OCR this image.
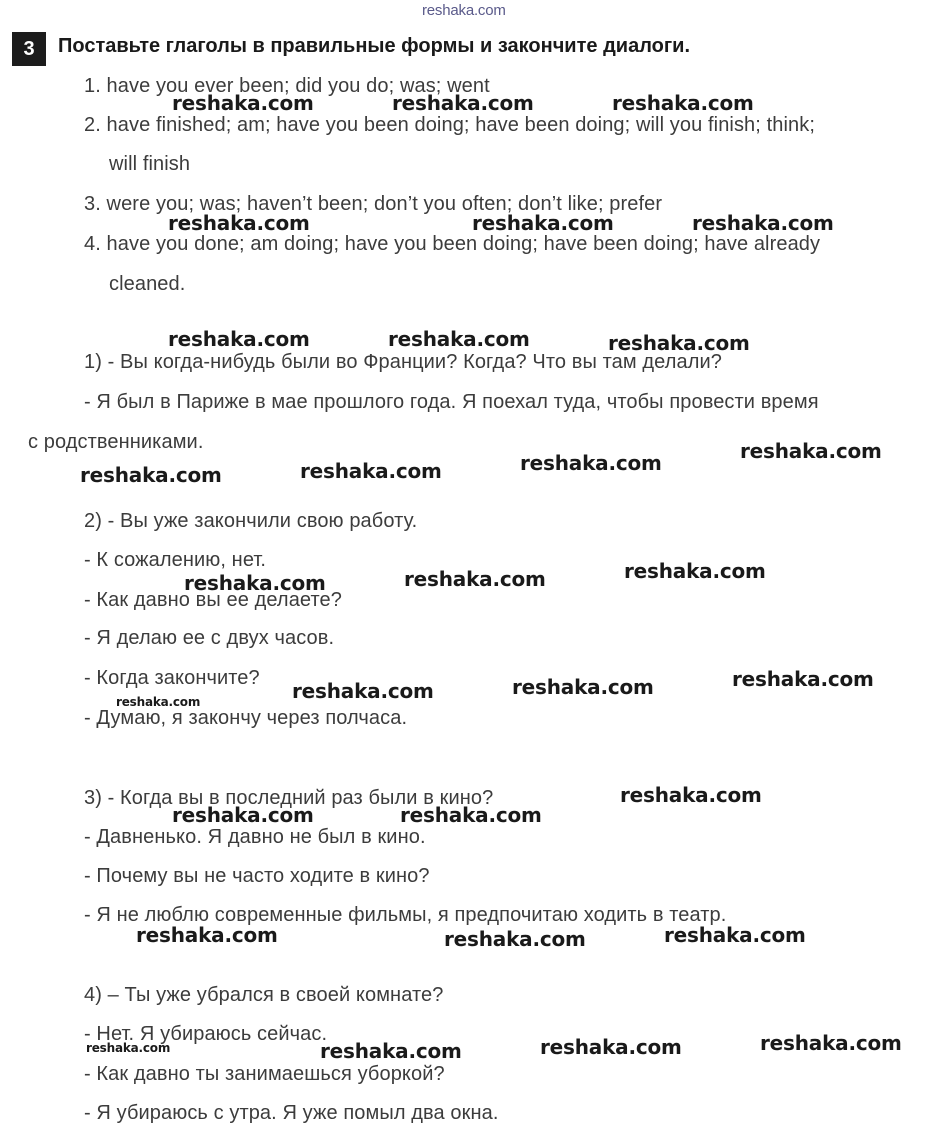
reshaka.com
3	Поставьте глаголы в правильные формы и закончите диалоги.
1. have you ever been; did you do; was; went
2. have finished; am; have you been doing; have been doing; will you finish; think;
will finish
3. were you; was; haven’t been; don’t you often; don’t like; prefer
4. have you done; am doing; have you been doing; have been doing; have already
cleaned.
1) - Вы когда-нибудь были во Франции? Когда? Что вы там делали?
- Я был в Париже в мае прошлого года. Я поехал туда, чтобы провести время
с родственниками.
2) - Вы уже закончили свою работу.
- К сожалению, нет.
- Как давно вы ее делаете?
- Я делаю ее с двух часов.
- Когда закончите?
- Думаю, я закончу через полчаса.
3) - Когда вы в последний раз были в кино?
- Давненько. Я давно не был в кино.
- Почему вы не часто ходите в кино?
- Я не люблю современные фильмы, я предпочитаю ходить в театр.
4) – Ты уже убрался в своей комнате?
- Нет. Я убираюсь сейчас.
- Как давно ты занимаешься уборкой?
- Я убираюсь с утра. Я уже помыл два окна.
reshaka.com	reshaka.com	reshaka.com
reshaka.com	reshaka.com	reshaka.com
reshaka.com	reshaka.com	reshaka.com
reshaka.com
reshaka.com
reshaka.com
reshaka.com
reshaka.com
reshaka.com
reshaka.com
reshaka.com
reshaka.com
reshaka.com
reshaka.com
reshaka.com
reshaka.com
reshaka.com
reshaka.com	reshaka.com	reshaka.com
reshaka.com
reshaka.com
reshaka.com
reshaka.com
